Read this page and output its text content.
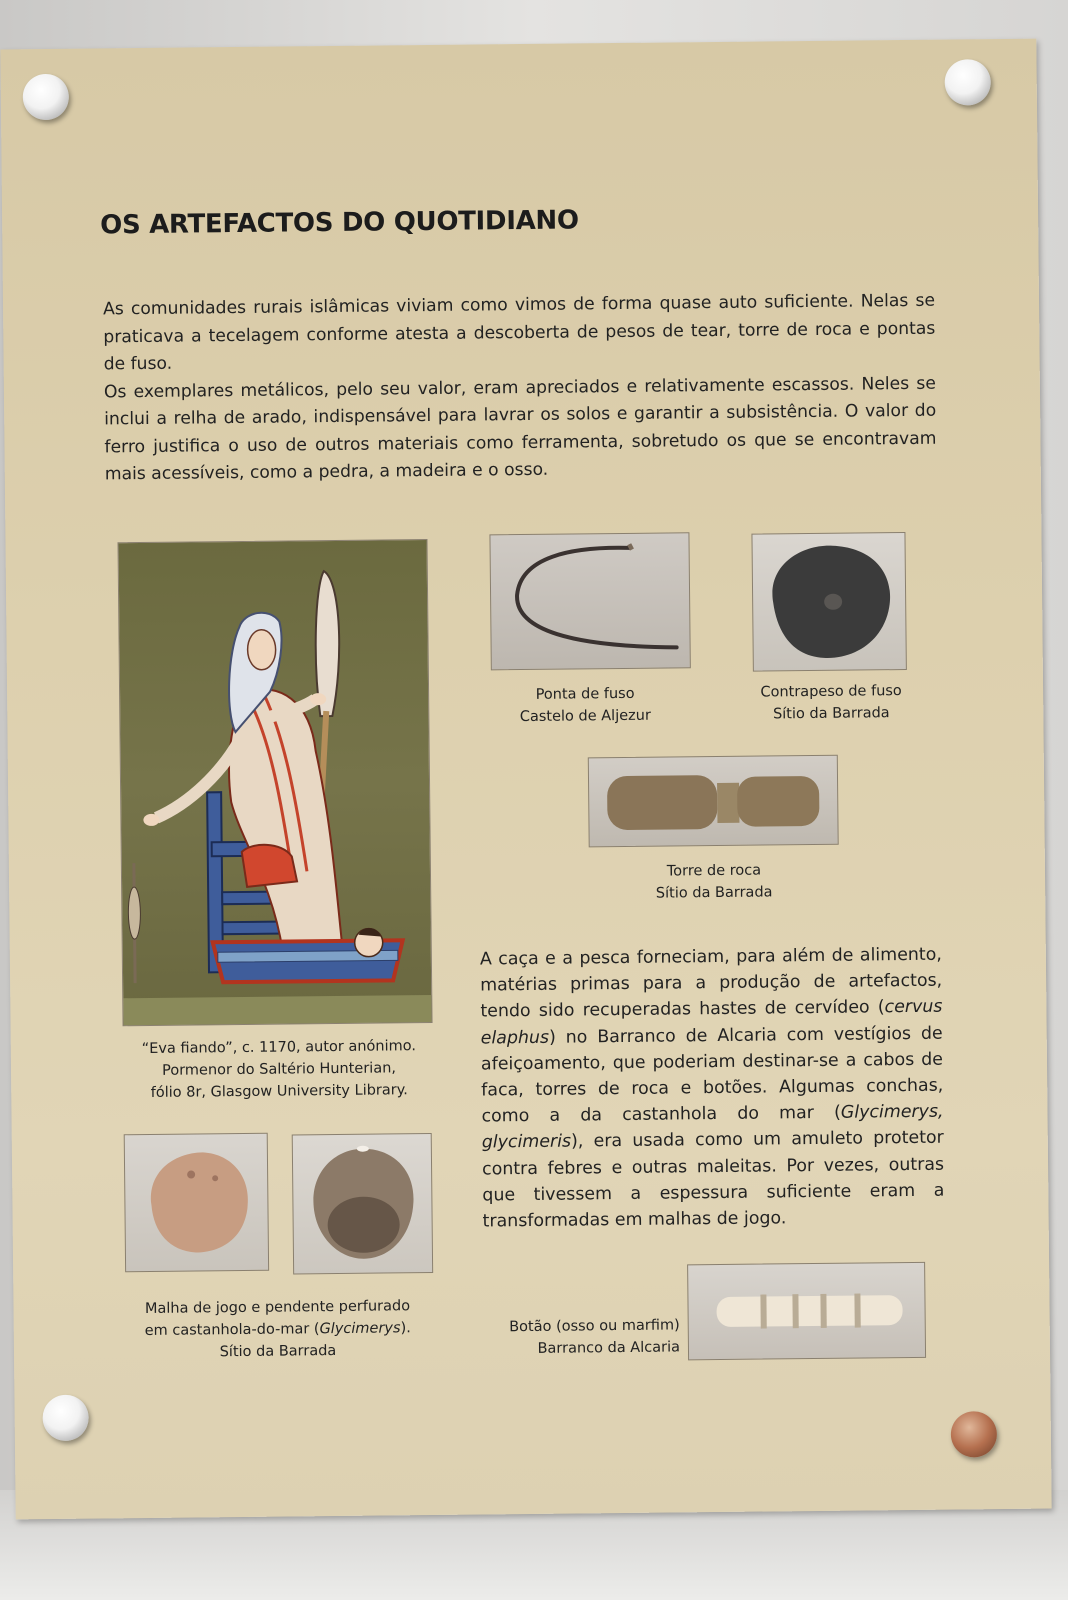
OS ARTEFACTOS DO QUOTIDIANO

As comunidades rurais islâmicas viviam como vimos de forma quase auto suficiente. Nelas se praticava a tecelagem conforme atesta a descoberta de pesos de tear, torre de roca e pontas de fuso.

Os exemplares metálicos, pelo seu valor, eram apreciados e relativamente escassos. Neles se inclui a relha de arado, indispensável para lavrar os solos e garantir a subsistência. O valor do ferro justifica o uso de outros materiais como ferramenta, sobretudo os que se encontravam mais acessíveis, como a pedra, a madeira e o osso.

“Eva fiando”, c. 1170, autor anónimo.
Pormenor do Saltério Hunterian,
fólio 8r, Glasgow University Library.
Ponta de fuso
Castelo de Aljezur
Contrapeso de fuso
Sítio da Barrada
Torre de roca
Sítio da Barrada

A caça e a pesca forneciam, para além de alimento, matérias primas para a produção de artefactos, tendo sido recuperadas hastes de cervídeo (cervus elaphus) no Barranco de Alcaria com vestígios de afeiçoamento, que poderiam destinar-se a cabos de faca, torres de roca e botões. Algumas conchas, como a da castanhola do mar (Glycimerys, glycimeris), era usada como um amuleto protetor contra febres e outras maleitas. Por vezes, outras que tivessem a espessura suficiente eram a transformadas em malhas de jogo.

Malha de jogo e pendente perfurado
em castanhola-do-mar (Glycimerys).
Sítio da Barrada
Botão (osso ou marfim)
Barranco da Alcaria
